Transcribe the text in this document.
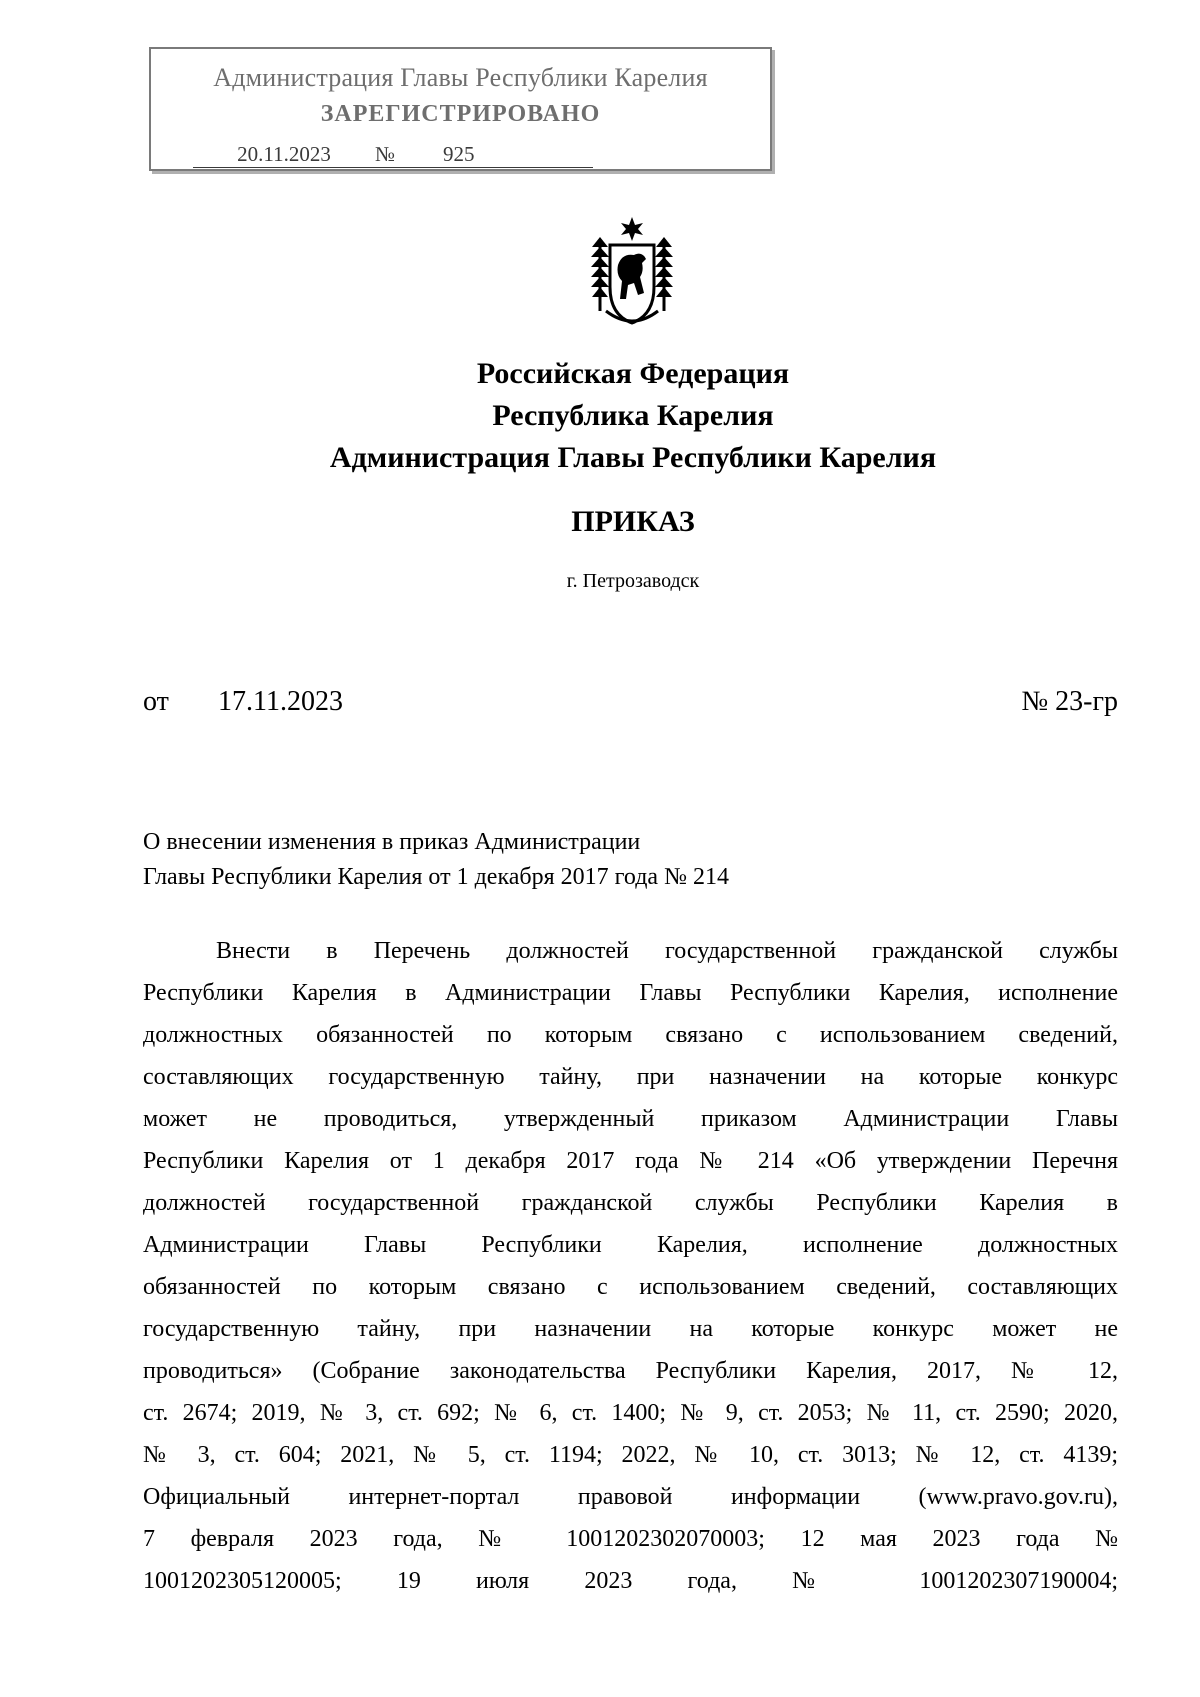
Администрация Главы Республики Карелия
ЗАРЕГИСТРИРОВАНО
20.11.2023 № 925
Российская Федерация
Республика Карелия
Администрация Главы Республики Карелия
ПРИКАЗ
г. Петрозаводск
от 17.11.2023	№ 23-гр
О внесении изменения в приказ Администрации
Главы Республики Карелия от 1 декабря 2017 года № 214
Внести в Перечень должностей государственной гражданской службы
Республики Карелия в Администрации Главы Республики Карелия, исполнение
должностных обязанностей по которым связано с использованием сведений,
составляющих государственную тайну, при назначении на которые конкурс
может не проводиться, утвержденный приказом Администрации Главы
Республики Карелия от 1 декабря 2017 года № 214 «Об утверждении Перечня
должностей государственной гражданской службы Республики Карелия в
Администрации Главы Республики Карелия, исполнение должностных
обязанностей по которым связано с использованием сведений, составляющих
государственную тайну, при назначении на которые конкурс может не
проводиться» (Собрание законодательства Республики Карелия, 2017, № 12,
ст. 2674; 2019, № 3, ст. 692; № 6, ст. 1400; № 9, ст. 2053; № 11, ст. 2590; 2020,
№ 3, ст. 604; 2021, № 5, ст. 1194; 2022, № 10, ст. 3013; № 12, ст. 4139;
Официальный интернет-портал правовой информации (www.pravo.gov.ru),
7 февраля 2023 года, № 1001202302070003; 12 мая 2023 года №
1001202305120005; 19 июля 2023 года, № 1001202307190004;
